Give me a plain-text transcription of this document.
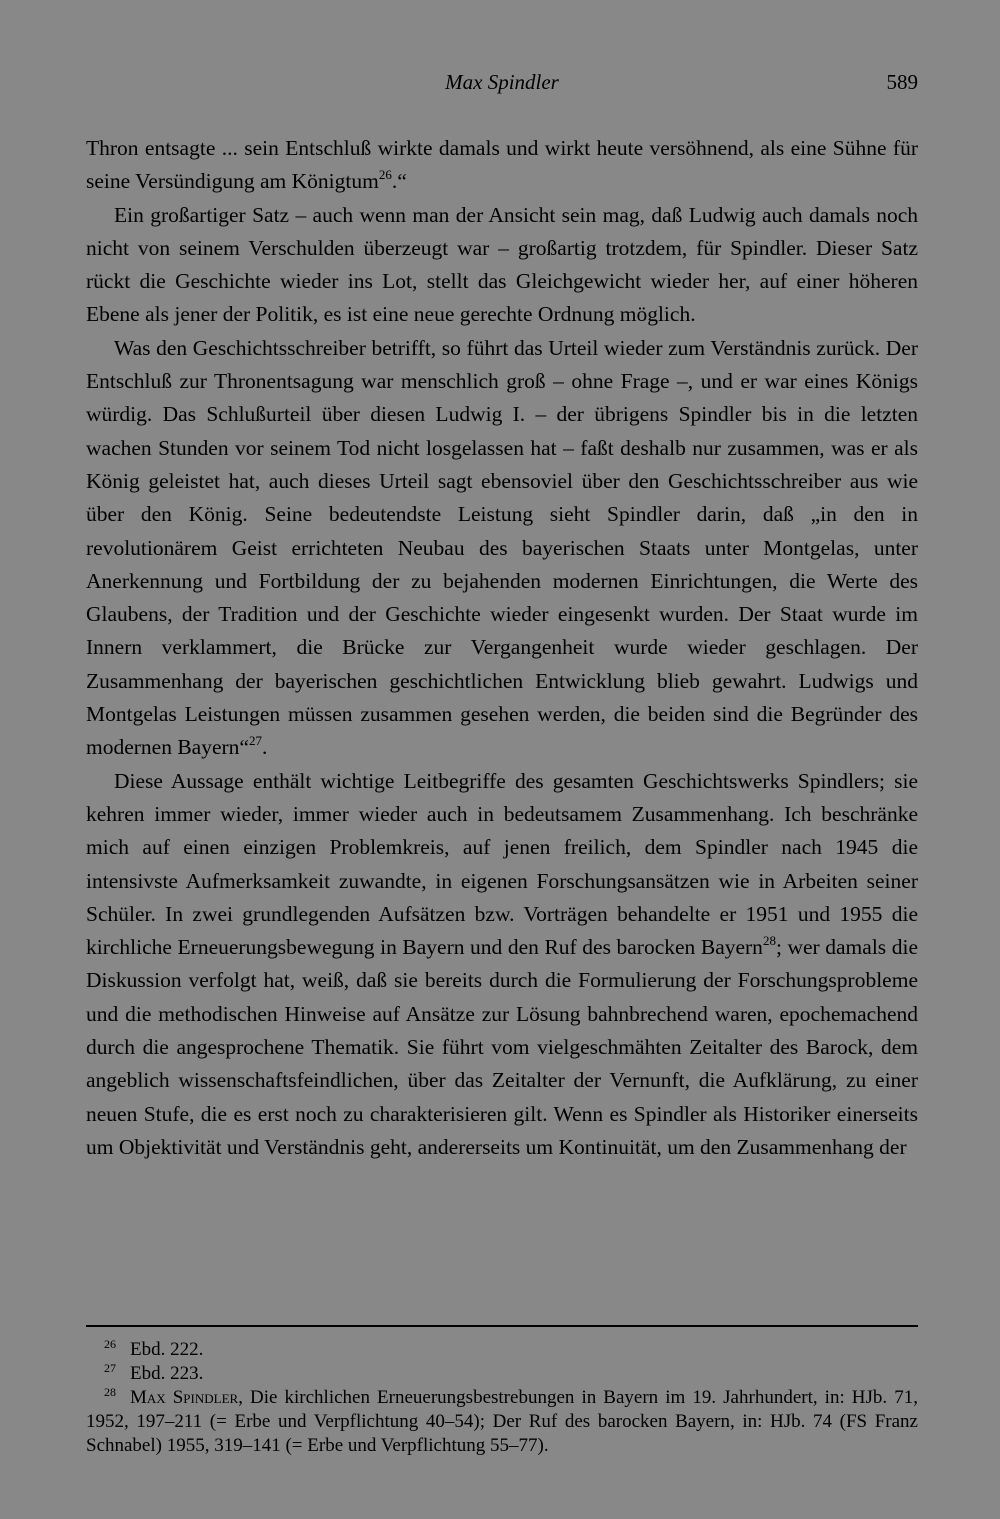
Max Spindler	589

Thron entsagte ... sein Entschluß wirkte damals und wirkt heute versöhnend, als eine Sühne für seine Versündigung am Königtum$^{26}$.“

Ein großartiger Satz – auch wenn man der Ansicht sein mag, daß Ludwig auch damals noch nicht von seinem Verschulden überzeugt war – großartig trotzdem, für Spindler. Dieser Satz rückt die Geschichte wieder ins Lot, stellt das Gleichgewicht wieder her, auf einer höheren Ebene als jener der Politik, es ist eine neue gerechte Ordnung möglich.

Was den Geschichtsschreiber betrifft, so führt das Urteil wieder zum Verständnis zurück. Der Entschluß zur Thronentsagung war menschlich groß – ohne Frage –, und er war eines Königs würdig. Das Schlußurteil über diesen Ludwig I. – der übrigens Spindler bis in die letzten wachen Stunden vor seinem Tod nicht losgelassen hat – faßt deshalb nur zusammen, was er als König geleistet hat, auch dieses Urteil sagt ebensoviel über den Geschichtsschreiber aus wie über den König. Seine bedeutendste Leistung sieht Spindler darin, daß „in den in revolutionärem Geist errichteten Neubau des bayerischen Staats unter Montgelas, unter Anerkennung und Fortbildung der zu bejahenden modernen Einrichtungen, die Werte des Glaubens, der Tradition und der Geschichte wieder eingesenkt wurden. Der Staat wurde im Innern verklammert, die Brücke zur Vergangenheit wurde wieder geschlagen. Der Zusammenhang der bayerischen geschichtlichen Entwicklung blieb gewahrt. Ludwigs und Montgelas Leistungen müssen zusammen gesehen werden, die beiden sind die Begründer des modernen Bayern“$^{27}$.

Diese Aussage enthält wichtige Leitbegriffe des gesamten Geschichtswerks Spindlers; sie kehren immer wieder, immer wieder auch in bedeutsamem Zusammenhang. Ich beschränke mich auf einen einzigen Problemkreis, auf jenen freilich, dem Spindler nach 1945 die intensivste Aufmerksamkeit zuwandte, in eigenen Forschungsansätzen wie in Arbeiten seiner Schüler. In zwei grundlegenden Aufsätzen bzw. Vorträgen behandelte er 1951 und 1955 die kirchliche Erneuerungsbewegung in Bayern und den Ruf des barocken Bayern$^{28}$; wer damals die Diskussion verfolgt hat, weiß, daß sie bereits durch die Formulierung der Forschungsprobleme und die methodischen Hinweise auf Ansätze zur Lösung bahnbrechend waren, epochemachend durch die angesprochene Thematik. Sie führt vom vielgeschmähten Zeitalter des Barock, dem angeblich wissenschaftsfeindlichen, über das Zeitalter der Vernunft, die Aufklärung, zu einer neuen Stufe, die es erst noch zu charakterisieren gilt. Wenn es Spindler als Historiker einerseits um Objektivität und Verständnis geht, andererseits um Kontinuität, um den Zusammenhang der

$^{26}$ Ebd. 222.

$^{27}$ Ebd. 223.

$^{28}$ Max Spindler, Die kirchlichen Erneuerungsbestrebungen in Bayern im 19. Jahrhundert, in: HJb. 71, 1952, 197–211 (= Erbe und Verpflichtung 40–54); Der Ruf des barocken Bayern, in: HJb. 74 (FS Franz Schnabel) 1955, 319–141 (= Erbe und Verpflichtung 55–77).
